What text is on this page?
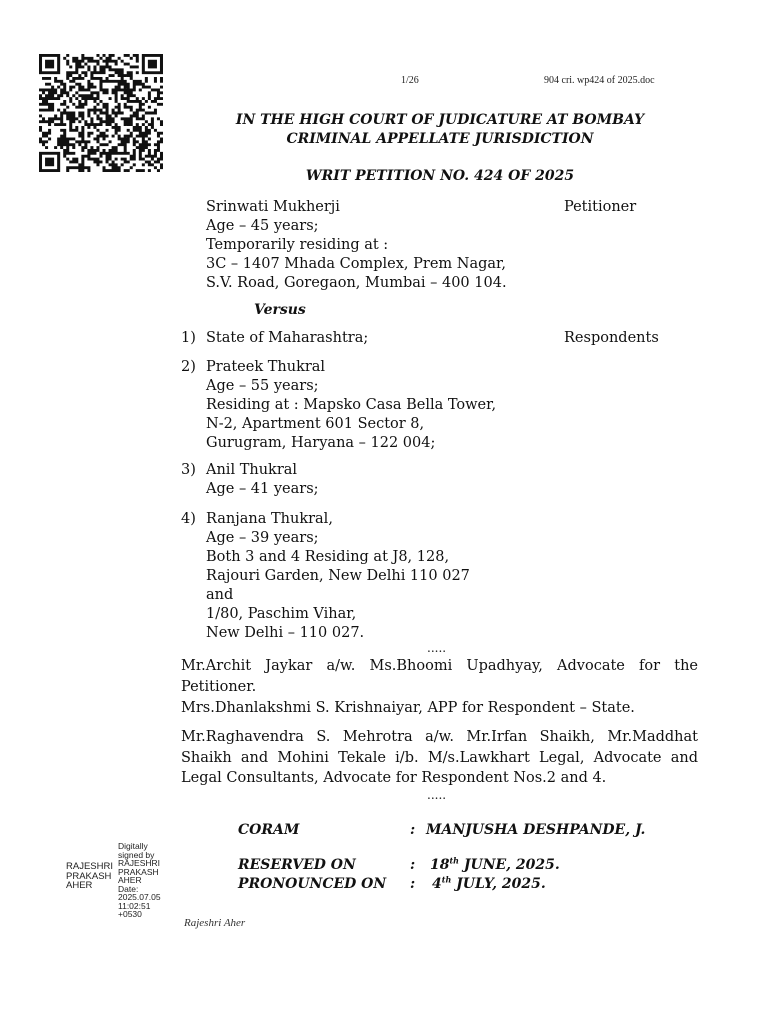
1/26	904 cri. wp424 of 2025.doc
IN THE HIGH COURT OF JUDICATURE AT BOMBAY
CRIMINAL APPELLATE JURISDICTION
WRIT PETITION NO. 424 OF 2025
Srinwati Mukherji
Age – 45 years;
Temporarily residing at :
3C – 1407 Mhada Complex, Prem Nagar,
S.V. Road, Goregaon, Mumbai – 400 104.
Petitioner
Versus
Respondents
1) State of Maharashtra;
2) Prateek Thukral
Age – 55 years;
Residing at : Mapsko Casa Bella Tower,
N-2, Apartment 601 Sector 8,
Gurugram, Haryana – 122 004;
3) Anil Thukral
Age – 41 years;
4) Ranjana Thukral,
Age – 39 years;
Both 3 and 4 Residing at J8, 128,
Rajouri Garden, New Delhi 110 027
and
1/80, Paschim Vihar,
New Delhi – 110 027.
.....
Mr.Archit Jaykar a/w. Ms.Bhoomi Upadhyay, Advocate for the Petitioner.
Mrs.Dhanlakshmi S. Krishnaiyar, APP for Respondent – State.
Mr.Raghavendra S. Mehrotra a/w. Mr.Irfan Shaikh, Mr.Maddhat Shaikh and Mohini Tekale i/b. M/s.Lawkhart Legal, Advocate and Legal Consultants, Advocate for Respondent Nos.2 and 4.
.....
CORAM	: MANJUSHA DESHPANDE, J.
RESERVED ON	: 18th JUNE, 2025.
PRONOUNCED ON : 4th JULY, 2025.
RAJESHRI
PRAKASH
AHER
Digitally
signed by
RAJESHRI
PRAKASH
AHER
Date:
2025.07.05
11:02:51
+0530
Rajeshri Aher
